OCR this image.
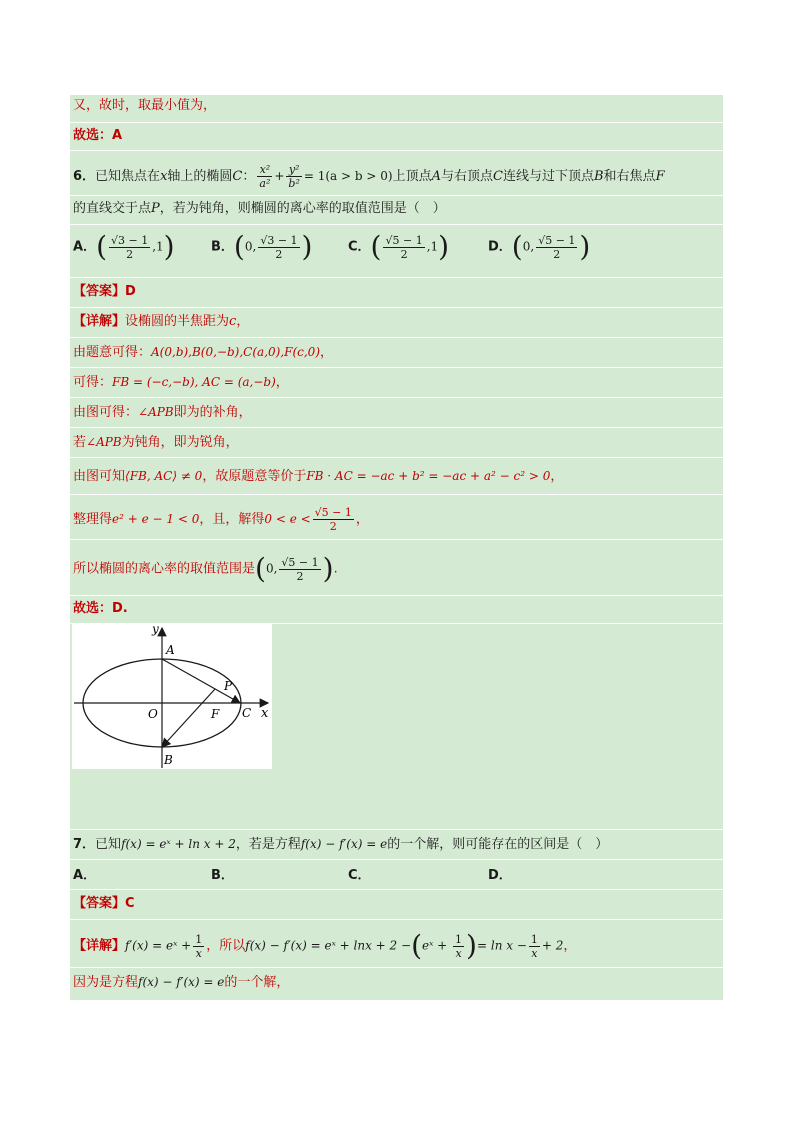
又，故时，取最小值为，
故选：A
6．已知焦点在x轴上的椭圆C： $\frac{\text{x²}}{\text{a²}} + \frac{\text{y²}}{\text{b²}} = 1(a > b > 0)$上顶点A与右顶点C连线与过下顶点B和右焦点F
的直线交于点P，若为钝角，则椭圆的离心率的取值范围是（　）
A．( $\frac{√3 - 1}{2} ,1$)	B．(0, $\frac{√3 - 1}{2}$ )	C．( $\frac{√5 - 1}{2} ,1$)	D．(0, $\frac{√5 - 1}{2}$ )
【答案】D
【详解】设椭圆的半焦距为c，
由题意可得：A(0,b),B(0,−b),C(a,0),F(c,0)，
可得：FB = (−c,−b), AC = (a,−b)，
由图可得：∠APB即为的补角，
若∠APB为钝角，即为锐角，
由图可知⟨FB, AC⟩ ≠ 0，故原题意等价于FB · AC = −ac + b² = −ac + a² − c² > 0，
整理得e² + e − 1 < 0，且，解得$0 < e < \frac{√5 - 1}{2}$ ，
所以椭圆的离心率的取值范围是(0, $\frac{√5 - 1}{2}$ ).
故选：D.
y
x
A
B
C
O	F
P
7．已知f(x) = eˣ + ln x + 2，若是方程f(x) − f′(x) = e的一个解，则可能存在的区间是（　）
A．	B．	C．	D．
【答案】C
【详解】f′(x) = eˣ + $\frac{1}{x}$ ，所以f(x) − f′(x) = eˣ + lnx + 2 −(eˣ + $\frac{1}{x}$ )= $\ln x - \frac{1}{x} + 2$，
因为是方程f(x) − f′(x) = e的一个解，
